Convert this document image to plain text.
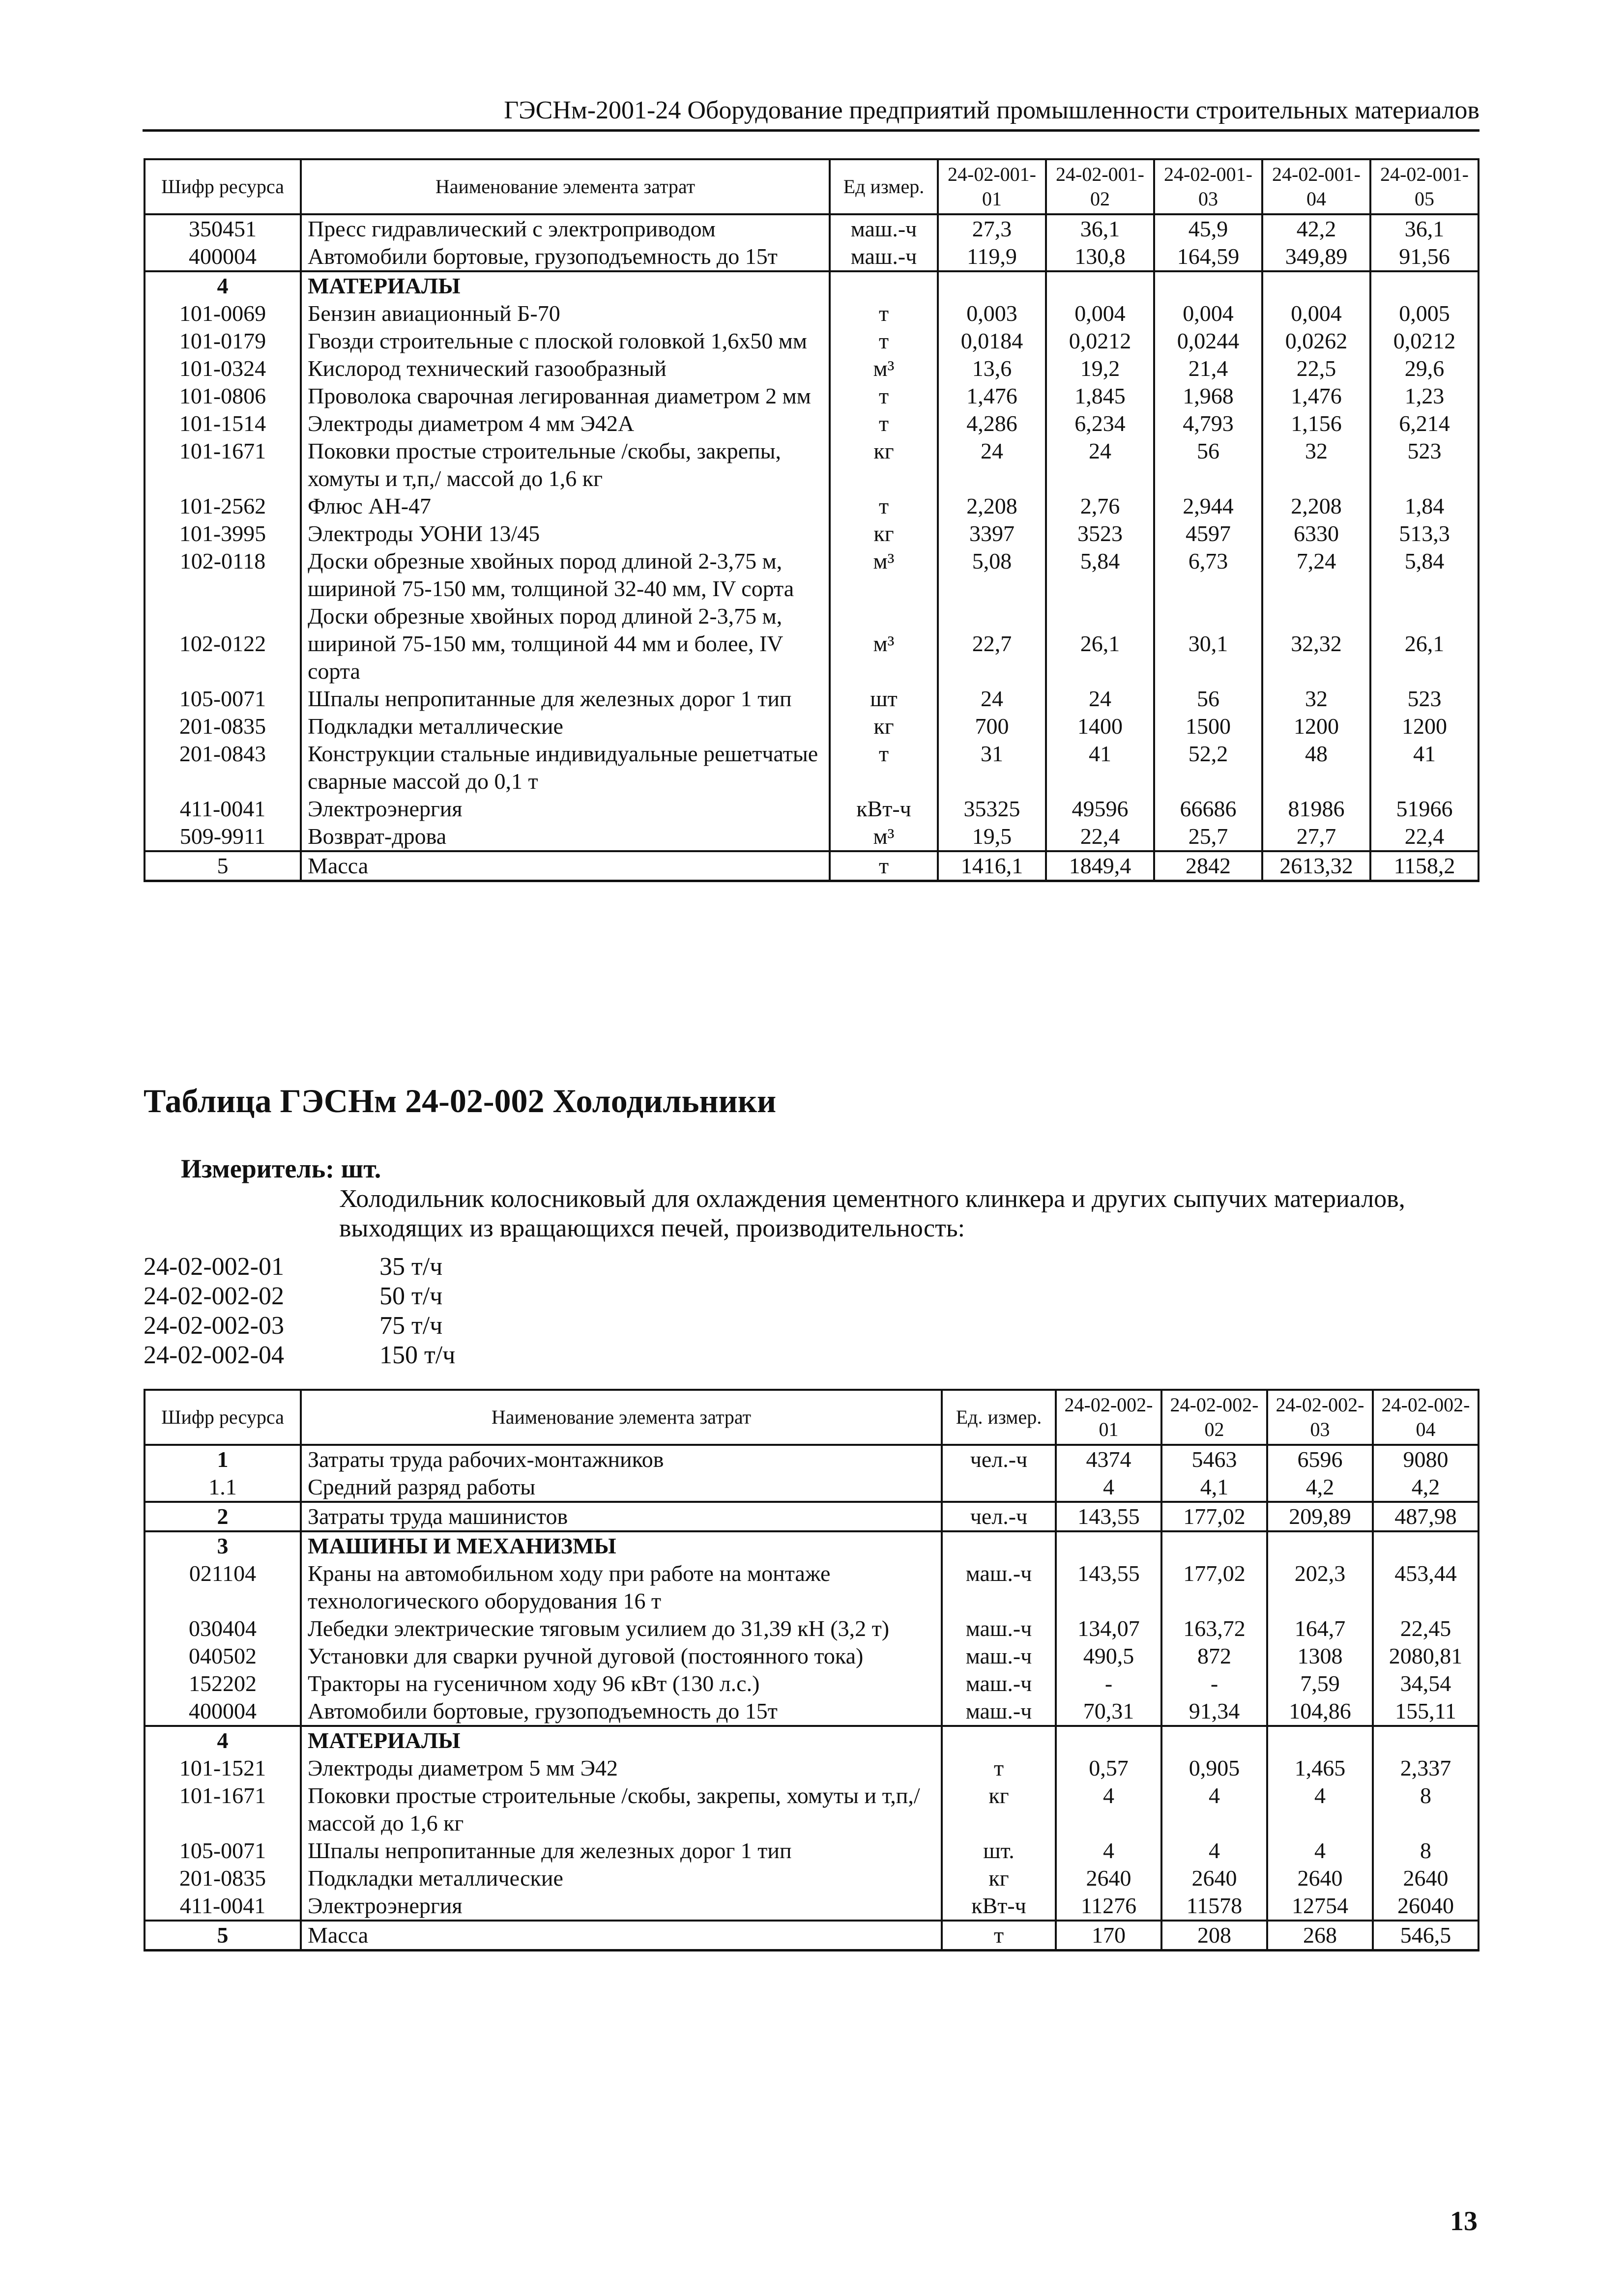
ГЭСНм-2001-24 Оборудование предприятий промышленности строительных материалов
Шифр ресурса	Наименование элемента затрат	Ед измер.	24-02-001-01	24-02-001-02	24-02-001-03	24-02-001-04	24-02-001-05
350451	Пресс гидравлический с электроприводом	маш.-ч	27,3	36,1	45,9	42,2	36,1
400004	Автомобили бортовые, грузоподъемность до 15т	маш.-ч	119,9	130,8	164,59	349,89	91,56
4	МАТЕРИАЛЫ						
101-0069	Бензин авиационный Б-70	т	0,003	0,004	0,004	0,004	0,005
101-0179	Гвозди строительные с плоской головкой 1,6х50 мм	т	0,0184	0,0212	0,0244	0,0262	0,0212
101-0324	Кислород технический газообразный	м³	13,6	19,2	21,4	22,5	29,6
101-0806	Проволока сварочная легированная диаметром 2 мм	т	1,476	1,845	1,968	1,476	1,23
101-1514	Электроды диаметром 4 мм Э42А	т	4,286	6,234	4,793	1,156	6,214
101-1671	Поковки простые строительные /скобы, закрепы, хомуты и т,п,/ массой до 1,6 кг	кг	24	24	56	32	523
101-2562	Флюс АН-47	т	2,208	2,76	2,944	2,208	1,84
101-3995	Электроды УОНИ 13/45	кг	3397	3523	4597	6330	513,3
102-0118	Доски обрезные хвойных пород длиной 2-3,75 м, шириной 75-150 мм, толщиной 32-40 мм, IV сорта	м³	5,08	5,84	6,73	7,24	5,84
102-0122	Доски обрезные хвойных пород длиной 2-3,75 м, шириной 75-150 мм, толщиной 44 мм и более, IV сорта	м³	22,7	26,1	30,1	32,32	26,1
105-0071	Шпалы непропитанные для железных дорог 1 тип	шт	24	24	56	32	523
201-0835	Подкладки металлические	кг	700	1400	1500	1200	1200
201-0843	Конструкции стальные индивидуальные решетчатые сварные массой до 0,1 т	т	31	41	52,2	48	41
411-0041	Электроэнергия	кВт-ч	35325	49596	66686	81986	51966
509-9911	Возврат-дрова	м³	19,5	22,4	25,7	27,7	22,4
5	Масса	т	1416,1	1849,4	2842	2613,32	1158,2
Таблица ГЭСНм 24-02-002 Холодильники
Измеритель: шт.
Холодильник колосниковый для охлаждения цементного клинкера и других сыпучих материалов, выходящих из вращающихся печей, производительность:
24-02-002-01	35 т/ч
24-02-002-02	50 т/ч
24-02-002-03	75 т/ч
24-02-002-04	150 т/ч
Шифр ресурса	Наименование элемента затрат	Ед. измер.	24-02-002-01	24-02-002-02	24-02-002-03	24-02-002-04
1	Затраты труда рабочих-монтажников	чел.-ч	4374	5463	6596	9080
1.1	Средний разряд работы		4	4,1	4,2	4,2
2	Затраты труда машинистов	чел.-ч	143,55	177,02	209,89	487,98
3	МАШИНЫ И МЕХАНИЗМЫ					
021104	Краны на автомобильном ходу при работе на монтаже технологического оборудования 16 т	маш.-ч	143,55	177,02	202,3	453,44
030404	Лебедки электрические тяговым усилием до 31,39 кН (3,2 т)	маш.-ч	134,07	163,72	164,7	22,45
040502	Установки для сварки ручной дуговой (постоянного тока)	маш.-ч	490,5	872	1308	2080,81
152202	Тракторы на гусеничном ходу 96 кВт (130 л.с.)	маш.-ч	-	-	7,59	34,54
400004	Автомобили бортовые, грузоподъемность до 15т	маш.-ч	70,31	91,34	104,86	155,11
4	МАТЕРИАЛЫ					
101-1521	Электроды диаметром 5 мм Э42	т	0,57	0,905	1,465	2,337
101-1671	Поковки простые строительные /скобы, закрепы, хомуты и т,п,/ массой до 1,6 кг	кг	4	4	4	8
105-0071	Шпалы непропитанные для железных дорог 1 тип	шт.	4	4	4	8
201-0835	Подкладки металлические	кг	2640	2640	2640	2640
411-0041	Электроэнергия	кВт-ч	11276	11578	12754	26040
5	Масса	т	170	208	268	546,5
13
